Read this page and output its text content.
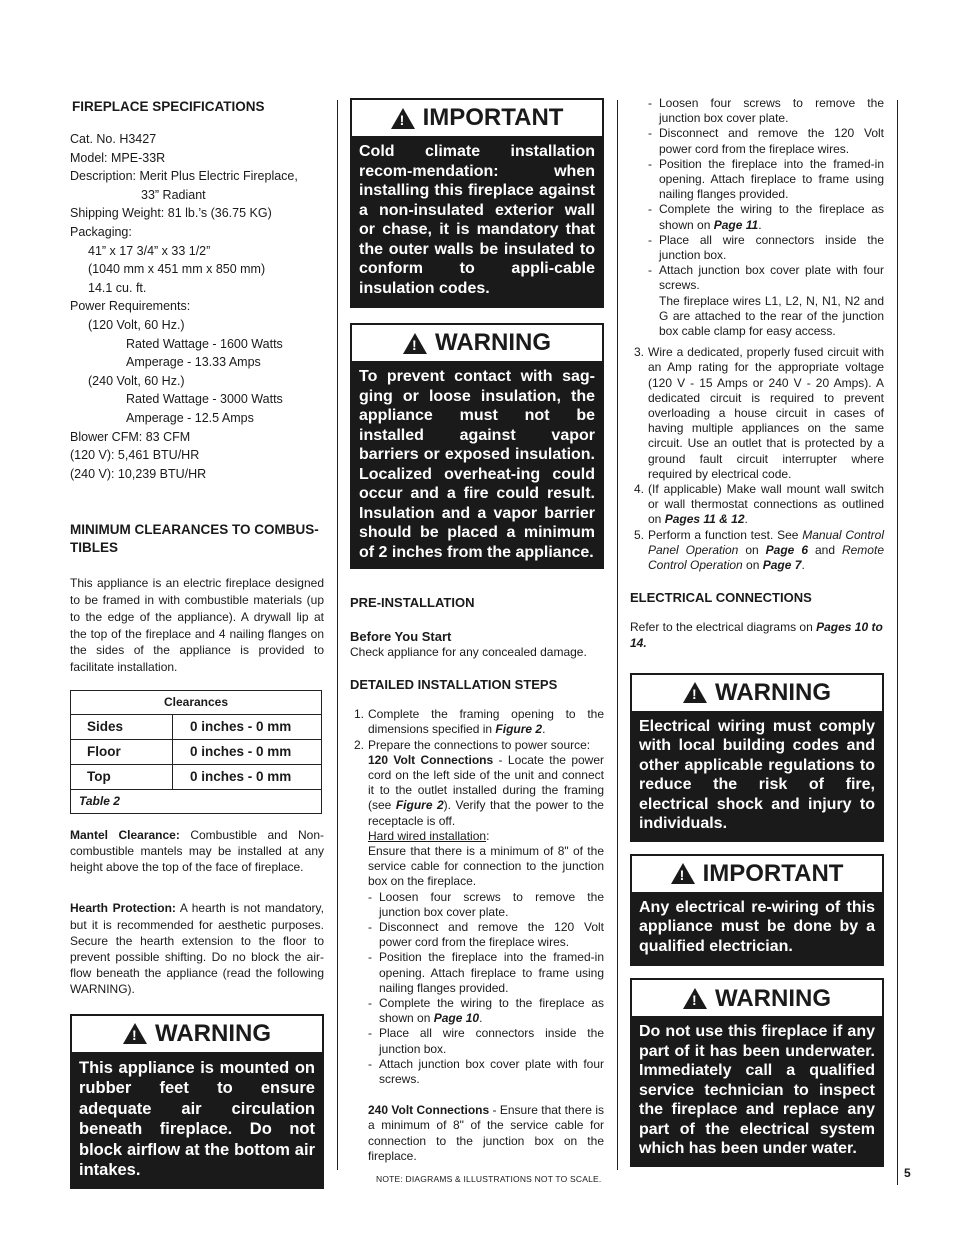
FIREPLACE SPECIFICATIONS
Cat. No. H3427
Model: MPE-33R
Description: Merit Plus Electric Fireplace,
33” Radiant
Shipping Weight: 81 lb.’s (36.75 KG)
Packaging:
41” x 17 3/4” x 33 1/2”
(1040 mm x 451 mm x 850 mm)
14.1 cu. ft.
Power Requirements:
(120 Volt, 60 Hz.)
Rated Wattage - 1600 Watts
Amperage - 13.33 Amps
(240 Volt, 60 Hz.)
Rated Wattage - 3000 Watts
Amperage - 12.5 Amps
Blower CFM: 83 CFM
(120 V): 5,461 BTU/HR
(240 V): 10,239 BTU/HR
MINIMUM CLEARANCES TO COMBUS-
TIBLES

This appliance is an electric fireplace designed to be framed in with combustible materials (up to the edge of the appliance). A drywall lip at the top of the fireplace and 4 nailing flanges on the sides of the appliance is provided to facilitate installation.

Clearances	
Sides	0 inches - 0 mm
Floor	0 inches - 0 mm
Top	0 inches - 0 mm
Table 2	

Mantel Clearance: Combustible and Non-combustible mantels may be installed at any height above the top of the face of fireplace.

Hearth Protection: A hearth is not mandatory, but it is recommended for aesthetic purposes. Secure the hearth extension to the floor to prevent possible shifting. Do no block the air-flow beneath the appliance (read the following WARNING).

!
WARNING
This appliance is mounted on rubber feet to ensure adequate air circulation beneath fireplace. Do not block airflow at the bottom air intakes.
!
IMPORTANT
Cold climate installation recom-mendation: when installing this fireplace against a non-insulated exterior wall or chase, it is mandatory that the outer walls be insulated to conform to appli-cable insulation codes.
!
WARNING
To prevent contact with sag-ging or loose insulation, the appliance must not be installed against vapor barriers or exposed insulation. Localized overheat-ing could occur and a fire could result. Insulation and a vapor barrier should be placed a minimum of 2 inches from the appliance.
PRE-INSTALLATION
Before You Start
Check appliance for any concealed damage.
DETAILED INSTALLATION STEPS
1. Complete the framing opening to the dimensions specified in Figure 2.
2. Prepare the connections to power source:
120 Volt Connections - Locate the power cord on the left side of the unit and connect it to the outlet installed during the framing (see Figure 2). Verify that the power to the receptacle is off.
Hard wired installation:
Ensure that there is a minimum of 8" of the service cable for connection to the junction box on the fireplace.
- Loosen four screws to remove the junction box cover plate.
- Disconnect and remove the 120 Volt power cord from the fireplace wires.
- Position the fireplace into the framed-in opening. Attach fireplace to frame using nailing flanges provided.
- Complete the wiring to the fireplace as shown on Page 10.
- Place all wire connectors inside the junction box.
- Attach junction box cover plate with four screws.

240 Volt Connections - Ensure that there is a minimum of 8" of the service cable for connection to the junction box on the fireplace.

- Loosen four screws to remove the junction box cover plate.
- Disconnect and remove the 120 Volt power cord from the fireplace wires.
- Position the fireplace into the framed-in opening. Attach fireplace to frame using nailing flanges provided.
- Complete the wiring to the fireplace as shown on Page 11.
- Place all wire connectors inside the junction box.
- Attach junction box cover plate with four screws.

The fireplace wires L1, L2, N, N1, N2 and G are attached to the rear of the junction box cable clamp for easy access.

3. Wire a dedicated, properly fused circuit with an Amp rating for the appropriate voltage (120 V - 15 Amps or 240 V - 20 Amps). A dedicated circuit is required to prevent overloading a house circuit in cases of having multiple appliances on the same circuit. Use an outlet that is protected by a ground fault circuit interrupter where required by electrical code.
4. (If applicable) Make wall mount wall switch or wall thermostat connections as outlined on Pages 11 & 12.
5. Perform a function test. See Manual Control Panel Operation on Page 6 and Remote Control Operation on Page 7.
ELECTRICAL CONNECTIONS

Refer to the electrical diagrams on Pages 10 to 14.

!
WARNING
Electrical wiring must comply with local building codes and other applicable regulations to reduce the risk of fire, electrical shock and injury to individuals.
!
IMPORTANT
Any electrical re-wiring of this appliance must be done by a qualified electrician.
!
WARNING
Do not use this fireplace if any part of it has been underwater. Immediately call a qualified service technician to inspect the fireplace and replace any part of the electrical system which has been under water.
NOTE: DIAGRAMS & ILLUSTRATIONS NOT TO SCALE.	5
